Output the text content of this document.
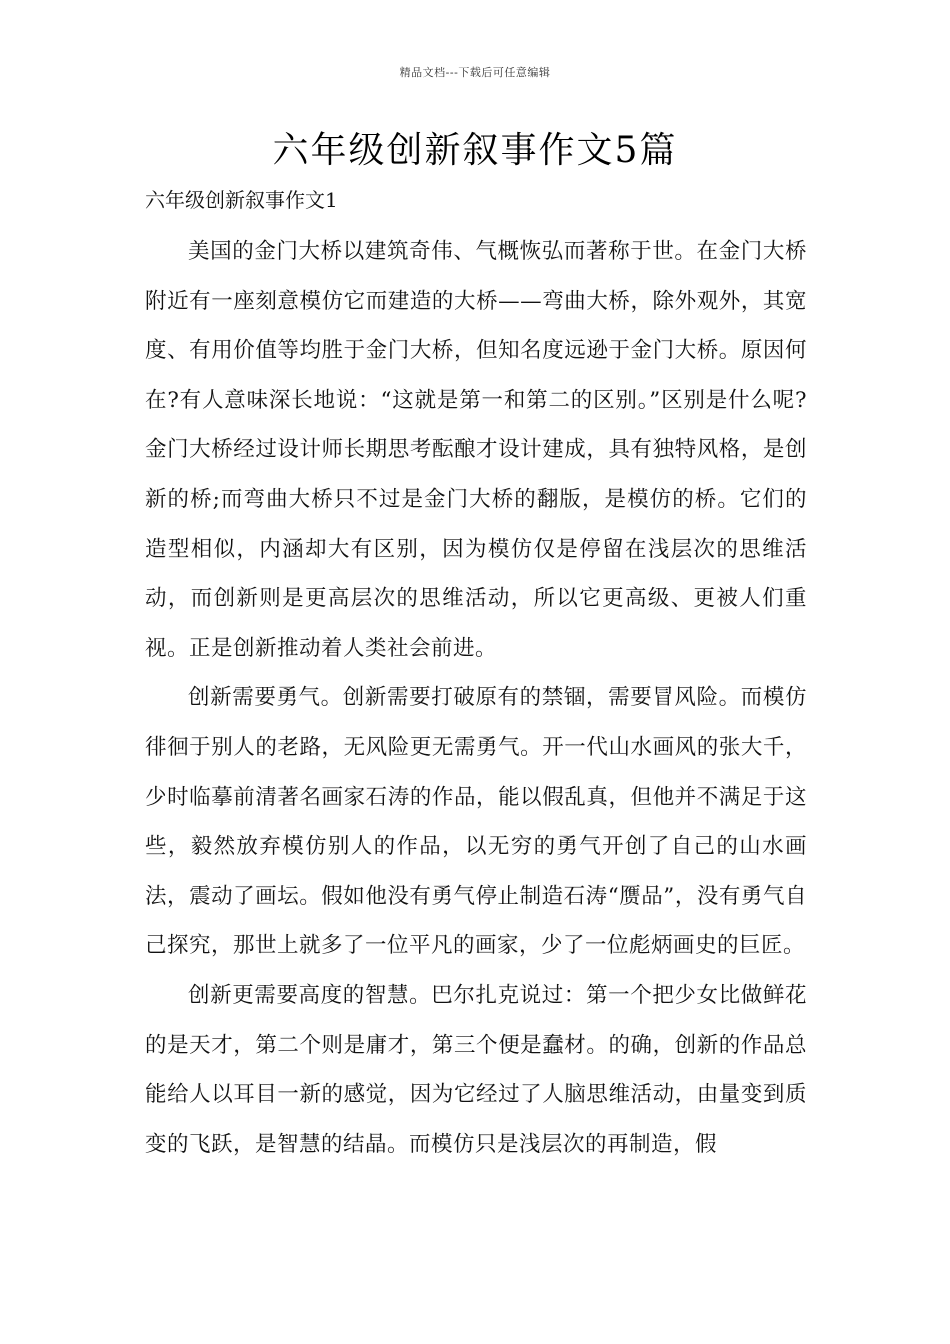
精品文档---下载后可任意编辑
六年级创新叙事作文5篇
六年级创新叙事作文1

美国的金门大桥以建筑奇伟、气概恢弘而著称于世。在金门大桥附近有一座刻意模仿它而建造的大桥——弯曲大桥，除外观外，其宽度、有用价值等均胜于金门大桥，但知名度远逊于金门大桥。原因何在?有人意味深长地说：“这就是第一和第二的区别。”区别是什么呢?金门大桥经过设计师长期思考酝酿才设计建成，具有独特风格，是创新的桥;而弯曲大桥只不过是金门大桥的翻版，是模仿的桥。它们的造型相似，内涵却大有区别，因为模仿仅是停留在浅层次的思维活动，而创新则是更高层次的思维活动，所以它更高级、更被人们重视。正是创新推动着人类社会前进。

创新需要勇气。创新需要打破原有的禁锢，需要冒风险。而模仿徘徊于别人的老路，无风险更无需勇气。开一代山水画风的张大千，少时临摹前清著名画家石涛的作品，能以假乱真，但他并不满足于这些，毅然放弃模仿别人的作品，以无穷的勇气开创了自己的山水画法，震动了画坛。假如他没有勇气停止制造石涛“赝品”，没有勇气自己探究，那世上就多了一位平凡的画家，少了一位彪炳画史的巨匠。

创新更需要高度的智慧。巴尔扎克说过：第一个把少女比做鲜花的是天才，第二个则是庸才，第三个便是蠢材。的确，创新的作品总能给人以耳目一新的感觉，因为它经过了人脑思维活动，由量变到质变的飞跃，是智慧的结晶。而模仿只是浅层次的再制造，假
